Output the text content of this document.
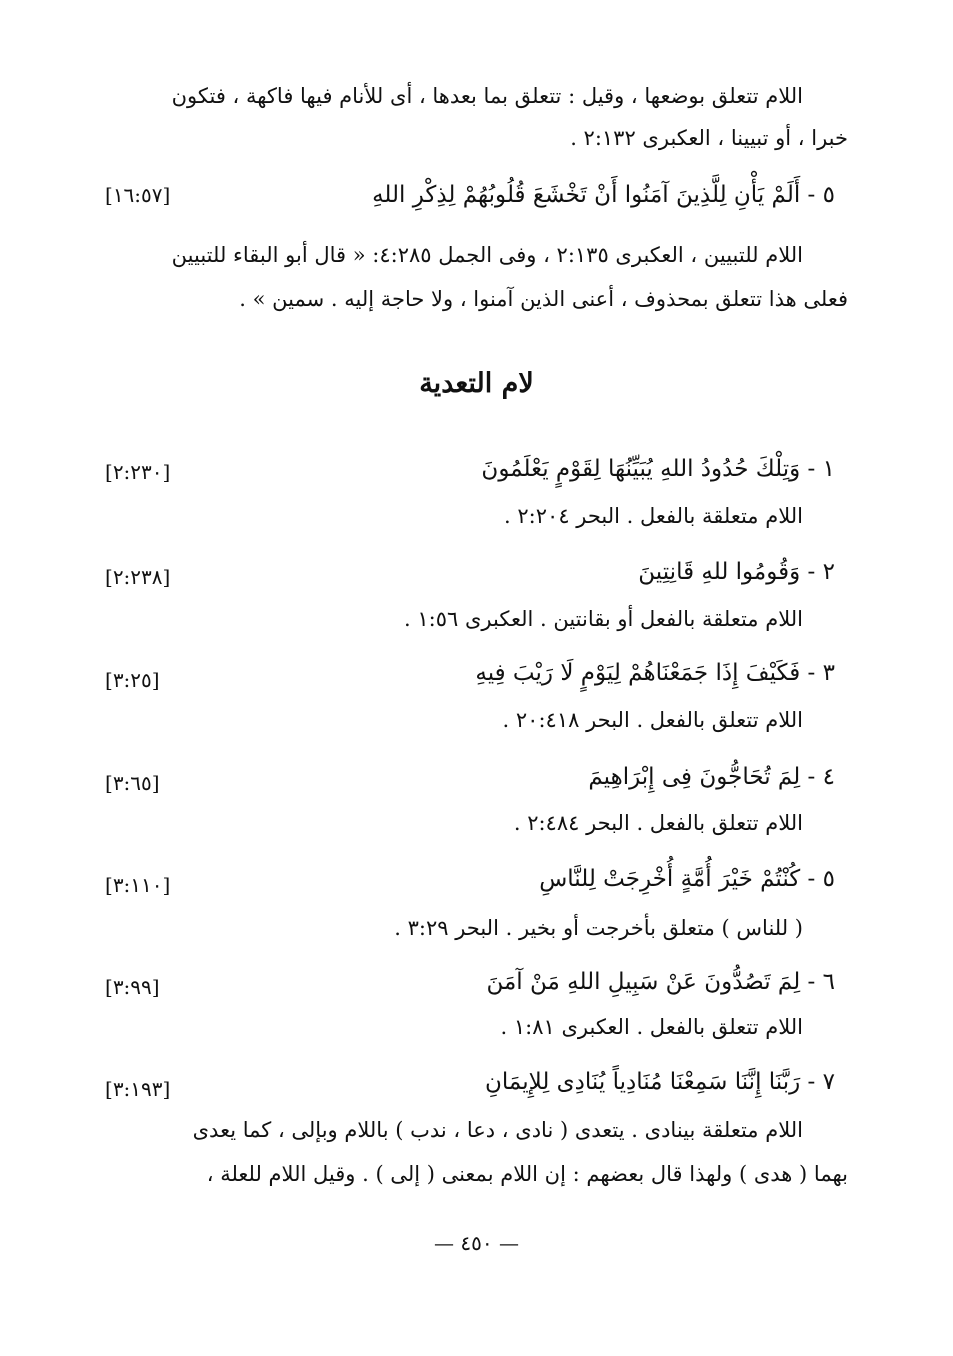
اللام تتعلق بوضعها ، وقيل : تتعلق بما بعدها ، أى للأنام فيها فاكهة ، فتكون
خبرا ، أو تبيينا ، العكبرى ٢:١٣٢ .
٥ - أَلَمْ يَأْنِ لِلَّذِينَ آمَنُوا أَنْ تَخْشَعَ قُلُوبُهُمْ لِذِكْرِ اللهِ
[١٦:٥٧]
اللام للتبيين ، العكبرى ٢:١٣٥ ، وفى الجمل ٤:٢٨٥: « قال أبو البقاء للتبيين
فعلى هذا تتعلق بمحذوف ، أعنى الذين آمنوا ، ولا حاجة إليه . سمين » .
لام التعدية
١ - وَتِلْكَ حُدُودُ اللهِ يُبَيِّنُهَا لِقَوْمٍ يَعْلَمُونَ
[٢:٢٣٠]
اللام متعلقة بالفعل . البحر ٢:٢٠٤ .
٢ - وَقُومُوا للهِ قَانِتِينَ
[٢:٢٣٨]
اللام متعلقة بالفعل أو بقانتين . العكبرى ١:٥٦ .
٣ - فَكَيْفَ إِذَا جَمَعْنَاهُمْ لِيَوْمٍ لَا رَيْبَ فِيهِ
[٣:٢٥]
اللام تتعلق بالفعل . البحر ٢٠:٤١٨ .
٤ - لِمَ تُحَاجُّونَ فِى إِبْرَاهِيمَ
[٣:٦٥]
اللام تتعلق بالفعل . البحر ٢:٤٨٤ .
٥ - كُنْتُمْ خَيْرَ أُمَّةٍ أُخْرِجَتْ لِلنَّاسِ
[٣:١١٠]
( للناس ) متعلق بأخرجت أو بخير . البحر ٣:٢٩ .
٦ - لِمَ تَصُدُّونَ عَنْ سَبِيلِ اللهِ مَنْ آمَنَ
[٣:٩٩]
اللام تتعلق بالفعل . العكبرى ١:٨١ .
٧ - رَبَّنَا إِنَّنَا سَمِعْنَا مُنَادِياً يُنَادِى لِلإِيمَانِ
[٣:١٩٣]
اللام متعلقة بينادى . يتعدى ( نادى ، دعا ، ندب ) باللام وبإلى ، كما يعدى
بهما ( هدى ) ولهذا قال بعضهم : إن اللام بمعنى ( إلى ) . وقيل اللام للعلة ،
— ٤٥٠ —
